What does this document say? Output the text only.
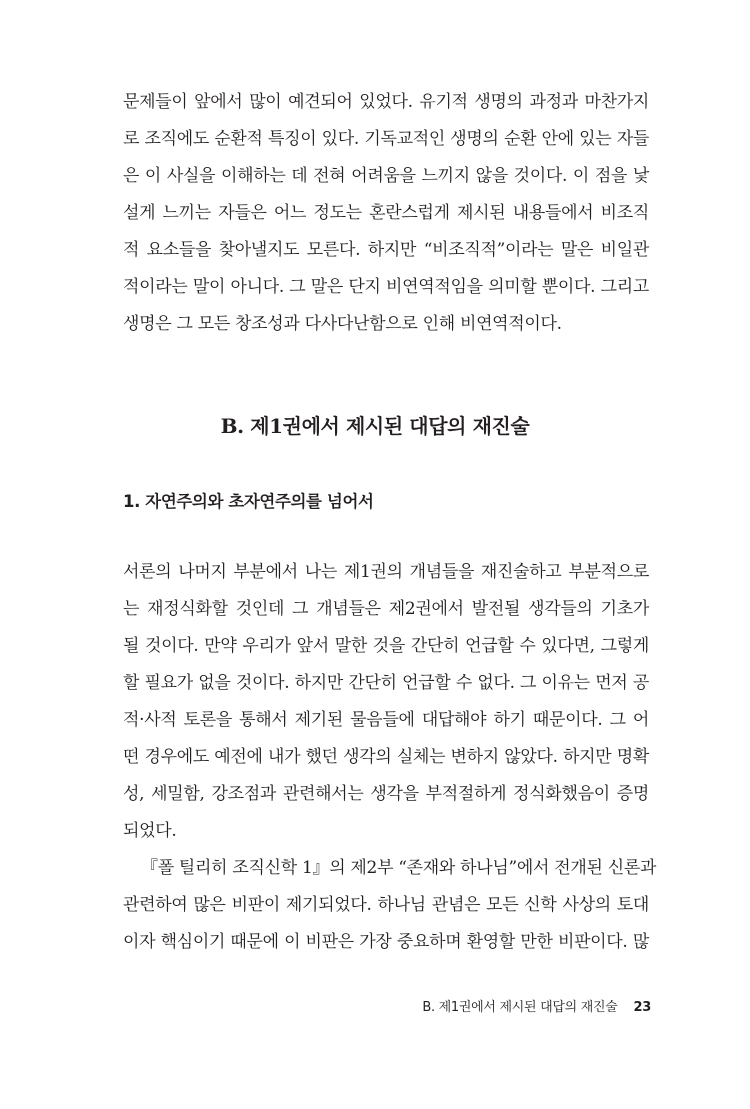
문제들이 앞에서 많이 예견되어 있었다. 유기적 생명의 과정과 마찬가지
로 조직에도 순환적 특징이 있다. 기독교적인 생명의 순환 안에 있는 자들
은 이 사실을 이해하는 데 전혀 어려움을 느끼지 않을 것이다. 이 점을 낯
설게 느끼는 자들은 어느 정도는 혼란스럽게 제시된 내용들에서 비조직
적 요소들을 찾아낼지도 모른다. 하지만 “비조직적”이라는 말은 비일관
적이라는 말이 아니다. 그 말은 단지 비연역적임을 의미할 뿐이다. 그리고
생명은 그 모든 창조성과 다사다난함으로 인해 비연역적이다.
B. 제1권에서 제시된 대답의 재진술
1. 자연주의와 초자연주의를 넘어서
서론의 나머지 부분에서 나는 제1권의 개념들을 재진술하고 부분적으로
는 재정식화할 것인데 그 개념들은 제2권에서 발전될 생각들의 기초가
될 것이다. 만약 우리가 앞서 말한 것을 간단히 언급할 수 있다면, 그렇게
할 필요가 없을 것이다. 하지만 간단히 언급할 수 없다. 그 이유는 먼저 공
적·사적 토론을 통해서 제기된 물음들에 대답해야 하기 때문이다. 그 어
떤 경우에도 예전에 내가 했던 생각의 실체는 변하지 않았다. 하지만 명확
성, 세밀함, 강조점과 관련해서는 생각을 부적절하게 정식화했음이 증명
되었다.
『폴 틸리히 조직신학 1』의 제2부 “존재와 하나님”에서 전개된 신론과
관련하여 많은 비판이 제기되었다. 하나님 관념은 모든 신학 사상의 토대
이자 핵심이기 때문에 이 비판은 가장 중요하며 환영할 만한 비판이다. 많
B. 제1권에서 제시된 대답의 재진술 23
